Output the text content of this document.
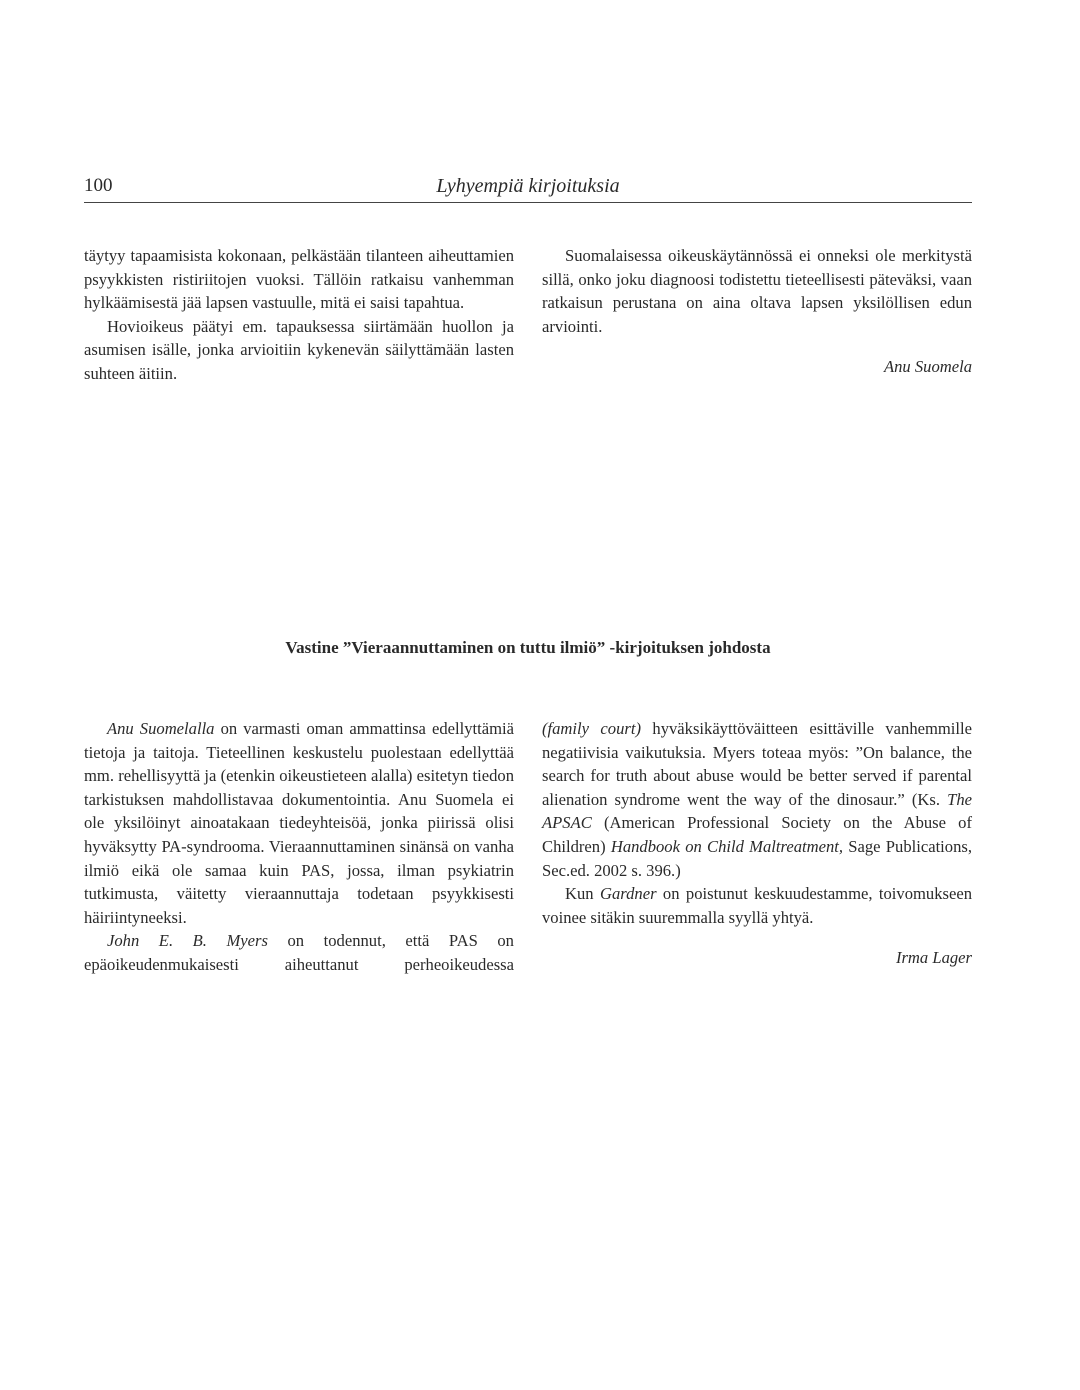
100	Lyhyempiä kirjoituksia

täytyy tapaamisista kokonaan, pelkästään tilanteen aiheuttamien psyykkisten ristiriitojen vuoksi. Tällöin ratkaisu vanhemman hylkäämisestä jää lapsen vastuulle, mitä ei saisi tapahtua.

Hovioikeus päätyi em. tapauksessa siirtämään huollon ja asumisen isälle, jonka arvioitiin kykenevän säilyttämään lasten suhteen äitiin.

Suomalaisessa oikeuskäytännössä ei onneksi ole merkitystä sillä, onko joku diagnoosi todistettu tieteellisesti päteväksi, vaan ratkaisun perustana on aina oltava lapsen yksilöllisen edun arviointi.

Anu Suomela
Vastine ”Vieraannuttaminen on tuttu ilmiö” -kirjoituksen johdosta

Anu Suomelalla on varmasti oman ammattinsa edellyttämiä tietoja ja taitoja. Tieteellinen keskustelu puolestaan edellyttää mm. rehellisyyttä ja (etenkin oikeustieteen alalla) esitetyn tiedon tarkistuksen mahdollistavaa dokumentointia. Anu Suomela ei ole yksilöinyt ainoatakaan tiedeyhteisöä, jonka piirissä olisi hyväksytty PA-syndrooma. Vieraannuttaminen sinänsä on vanha ilmiö eikä ole samaa kuin PAS, jossa, ilman psykiatrin tutkimusta, väitetty vieraannuttaja todetaan psyykkisesti häiriintyneeksi.

John E. B. Myers on todennut, että PAS on epäoikeudenmukaisesti aiheuttanut perheoikeudessa

(family court) hyväksikäyttöväitteen esittäville vanhemmille negatiivisia vaikutuksia. Myers toteaa myös: ”On balance, the search for truth about abuse would be better served if parental alienation syndrome went the way of the dinosaur.” (Ks. The APSAC (American Professional Society on the Abuse of Children) Handbook on Child Maltreatment, Sage Publications, Sec.ed. 2002 s. 396.)

Kun Gardner on poistunut keskuudestamme, toivomukseen voinee sitäkin suuremmalla syyllä yhtyä.

Irma Lager
